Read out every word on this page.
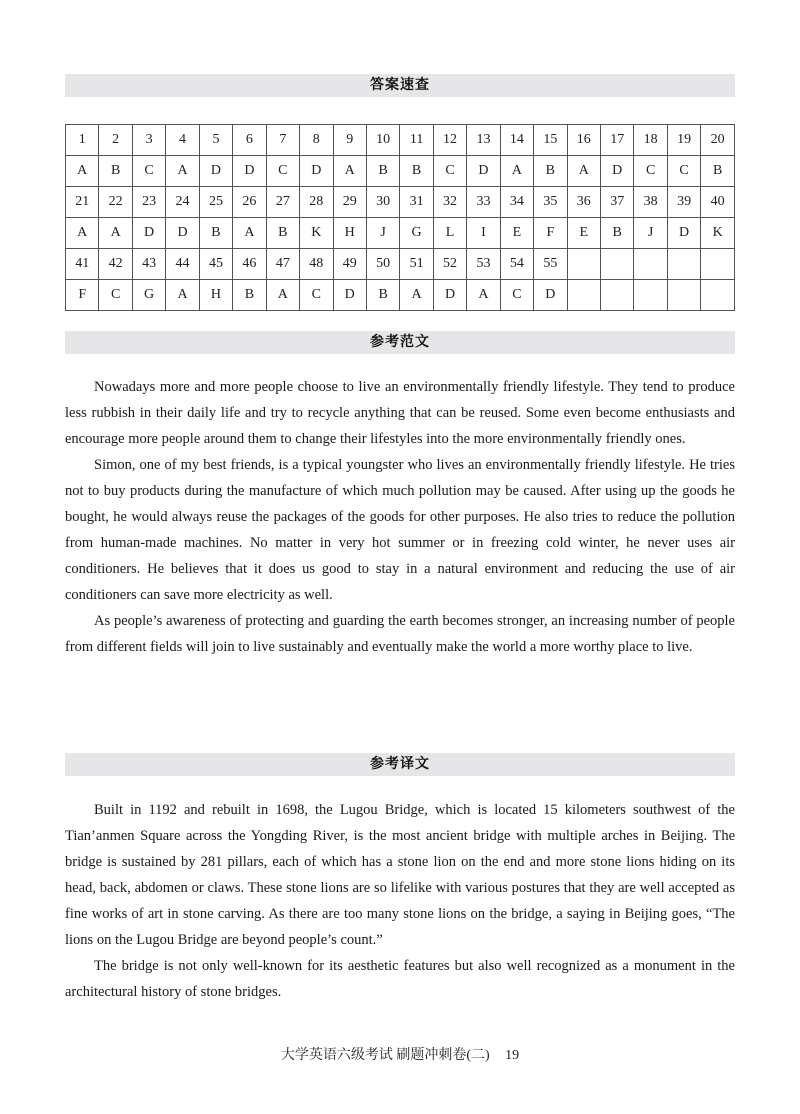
答案速查
1	2	3	4	5	6	7	8	9	10	11	12	13	14	15	16	17	18	19	20
A	B	C	A	D	D	C	D	A	B	B	C	D	A	B	A	D	C	C	B
21	22	23	24	25	26	27	28	29	30	31	32	33	34	35	36	37	38	39	40
A	A	D	D	B	A	B	K	H	J	G	L	I	E	F	E	B	J	D	K
41	42	43	44	45	46	47	48	49	50	51	52	53	54	55					
F	C	G	A	H	B	A	C	D	B	A	D	A	C	D					
参考范文

Nowadays more and more people choose to live an environmentally friendly lifestyle. They tend to produce less rubbish in their daily life and try to recycle anything that can be reused. Some even become enthusiasts and encourage more people around them to change their lifestyles into the more environmentally friendly ones.

Simon, one of my best friends, is a typical youngster who lives an environmentally friendly lifestyle. He tries not to buy products during the manufacture of which much pollution may be caused. After using up the goods he bought, he would always reuse the packages of the goods for other purposes. He also tries to reduce the pollution from human-made machines. No matter in very hot summer or in freezing cold winter, he never uses air conditioners. He believes that it does us good to stay in a natural environment and reducing the use of air conditioners can save more electricity as well.

As people’s awareness of protecting and guarding the earth becomes stronger, an increasing number of people from different fields will join to live sustainably and eventually make the world a more worthy place to live.

参考译文

Built in 1192 and rebuilt in 1698, the Lugou Bridge, which is located 15 kilometers southwest of the Tian’anmen Square across the Yongding River, is the most ancient bridge with multiple arches in Beijing. The bridge is sustained by 281 pillars, each of which has a stone lion on the end and more stone lions hiding on its head, back, abdomen or claws. These stone lions are so lifelike with various postures that they are well accepted as fine works of art in stone carving. As there are too many stone lions on the bridge, a saying in Beijing goes, “The lions on the Lugou Bridge are beyond people’s count.”

The bridge is not only well-known for its aesthetic features but also well recognized as a monument in the architectural history of stone bridges.

大学英语六级考试 刷题冲刺卷(二) 19
